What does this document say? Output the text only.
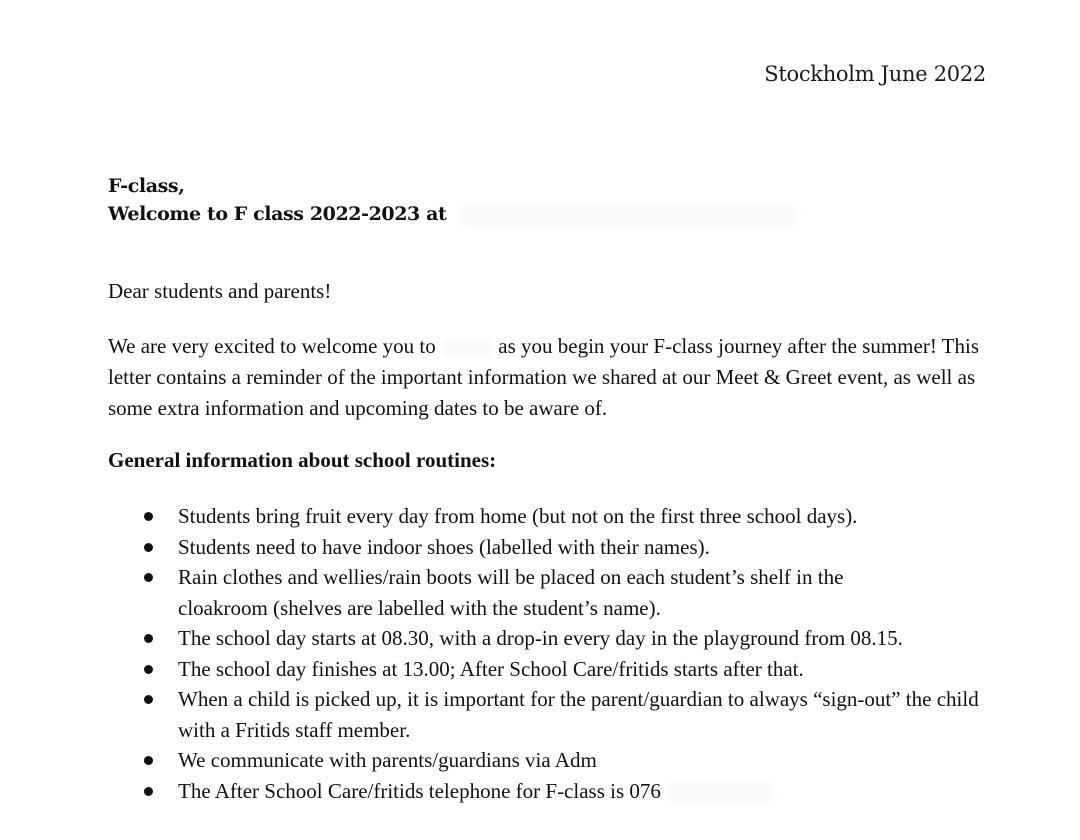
Stockholm June 2022
F-class,
Welcome to F class 2022-2023 at
Dear students and parents!
We are very excited to welcome you to	as you begin your F-class journey after the summer! This letter contains a reminder of the important information we shared at our Meet & Greet event, as well as some extra information and upcoming dates to be aware of.
General information about school routines:
Students bring fruit every day from home (but not on the first three school days).
Students need to have indoor shoes (labelled with their names).
Rain clothes and wellies/rain boots will be placed on each student’s shelf in the cloakroom (shelves are labelled with the student’s name).
The school day starts at 08.30, with a drop-in every day in the playground from 08.15.
The school day finishes at 13.00; After School Care/fritids starts after that.
When a child is picked up, it is important for the parent/guardian to always “sign-out” the child with a Fritids staff member.
We communicate with parents/guardians via Adm
The After School Care/fritids telephone for F-class is 076
